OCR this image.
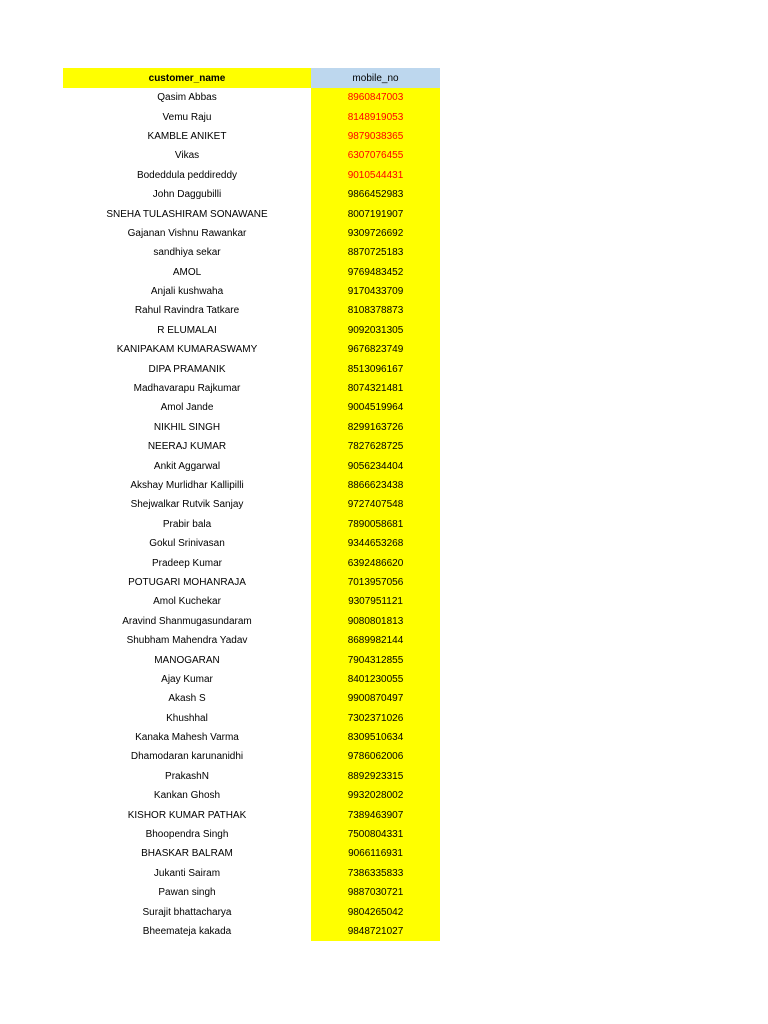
customer_name	mobile_no
Qasim Abbas	8960847003
Vemu Raju	8148919053
KAMBLE ANIKET	9879038365
Vikas	6307076455
Bodeddula peddireddy	9010544431
John Daggubilli	9866452983
SNEHA TULASHIRAM SONAWANE	8007191907
Gajanan Vishnu Rawankar	9309726692
sandhiya sekar	8870725183
AMOL	9769483452
Anjali kushwaha	9170433709
Rahul Ravindra Tatkare	8108378873
R ELUMALAI	9092031305
KANIPAKAM KUMARASWAMY	9676823749
DIPA PRAMANIK	8513096167
Madhavarapu Rajkumar	8074321481
Amol Jande	9004519964
NIKHIL SINGH	8299163726
NEERAJ KUMAR	7827628725
Ankit Aggarwal	9056234404
Akshay Murlidhar Kallipilli	8866623438
Shejwalkar Rutvik Sanjay	9727407548
Prabir bala	7890058681
Gokul Srinivasan	9344653268
Pradeep Kumar	6392486620
POTUGARI MOHANRAJA	7013957056
Amol Kuchekar	9307951121
Aravind Shanmugasundaram	9080801813
Shubham Mahendra Yadav	8689982144
MANOGARAN	7904312855
Ajay Kumar	8401230055
Akash S	9900870497
Khushhal	7302371026
Kanaka Mahesh Varma	8309510634
Dhamodaran karunanidhi	9786062006
PrakashN	8892923315
Kankan Ghosh	9932028002
KISHOR KUMAR PATHAK	7389463907
Bhoopendra Singh	7500804331
BHASKAR BALRAM	9066116931
Jukanti Sairam	7386335833
Pawan singh	9887030721
Surajit bhattacharya	9804265042
Bheemateja kakada	9848721027
